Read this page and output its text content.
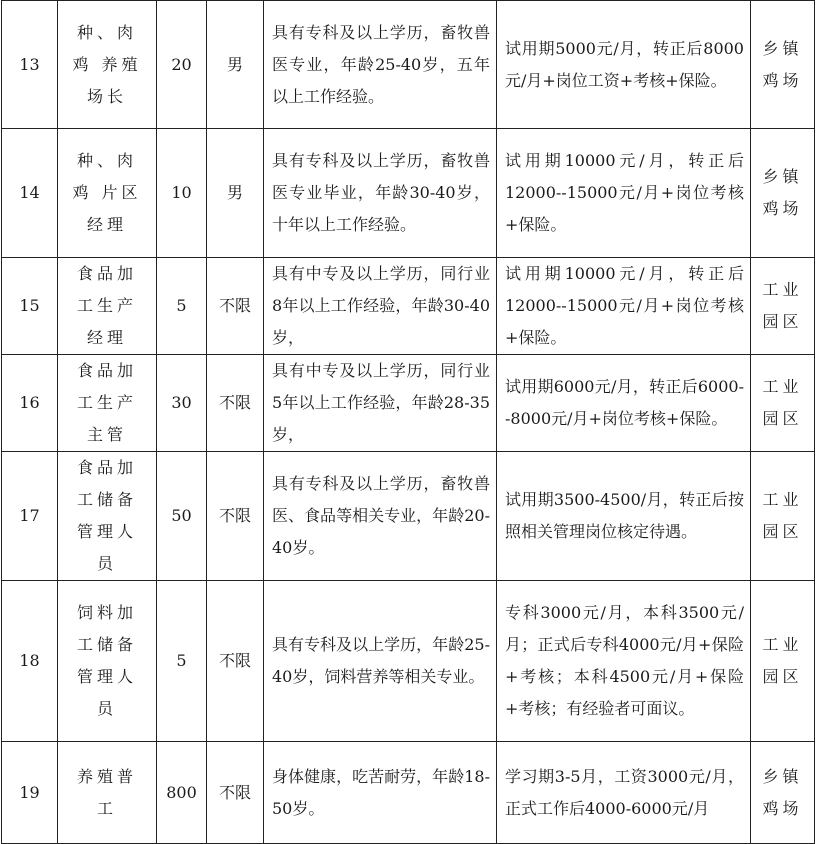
13	种、肉鸡 养殖场长	20	男	具有专科及以上学历，畜牧兽医专业，年龄25-40岁，五年以上工作经验。	试用期5000元/月，转正后8000元/月+岗位工资+考核+保险。	乡镇鸡场

14	种、肉鸡 片区经理	10	男	具有专科及以上学历，畜牧兽医专业毕业，年龄30-40岁，十年以上工作经验。	试用期10000元/月，转正后12000--15000元/月+岗位考核+保险。	乡镇鸡场

15	食品加工生产经理	5	不限	具有中专及以上学历，同行业8年以上工作经验，年龄30-40岁，	试用期10000元/月，转正后12000--15000元/月+岗位考核+保险。	工业园区

16	食品加工生产主管	30	不限	具有中专及以上学历，同行业5年以上工作经验，年龄28-35岁，	试用期6000元/月，转正后6000--8000元/月+岗位考核+保险。	工业园区

17	食品加工储备管理人员	50	不限	具有专科及以上学历，畜牧兽医、食品等相关专业，年龄20-40岁。	试用期3500-4500/月，转正后按照相关管理岗位核定待遇。	工业园区

18	饲料加工储备管理人员	5	不限	具有专科及以上学历，年龄25-40岁，饲料营养等相关专业。	专科3000元/月，本科3500元/月；正式后专科4000元/月+保险+考核；本科4500元/月+保险+考核；有经验者可面议。	工业园区

19	养殖普工	800	不限	身体健康，吃苦耐劳，年龄18-50岁。	学习期3-5月，工资3000元/月，正式工作后4000-6000元/月	乡镇鸡场
